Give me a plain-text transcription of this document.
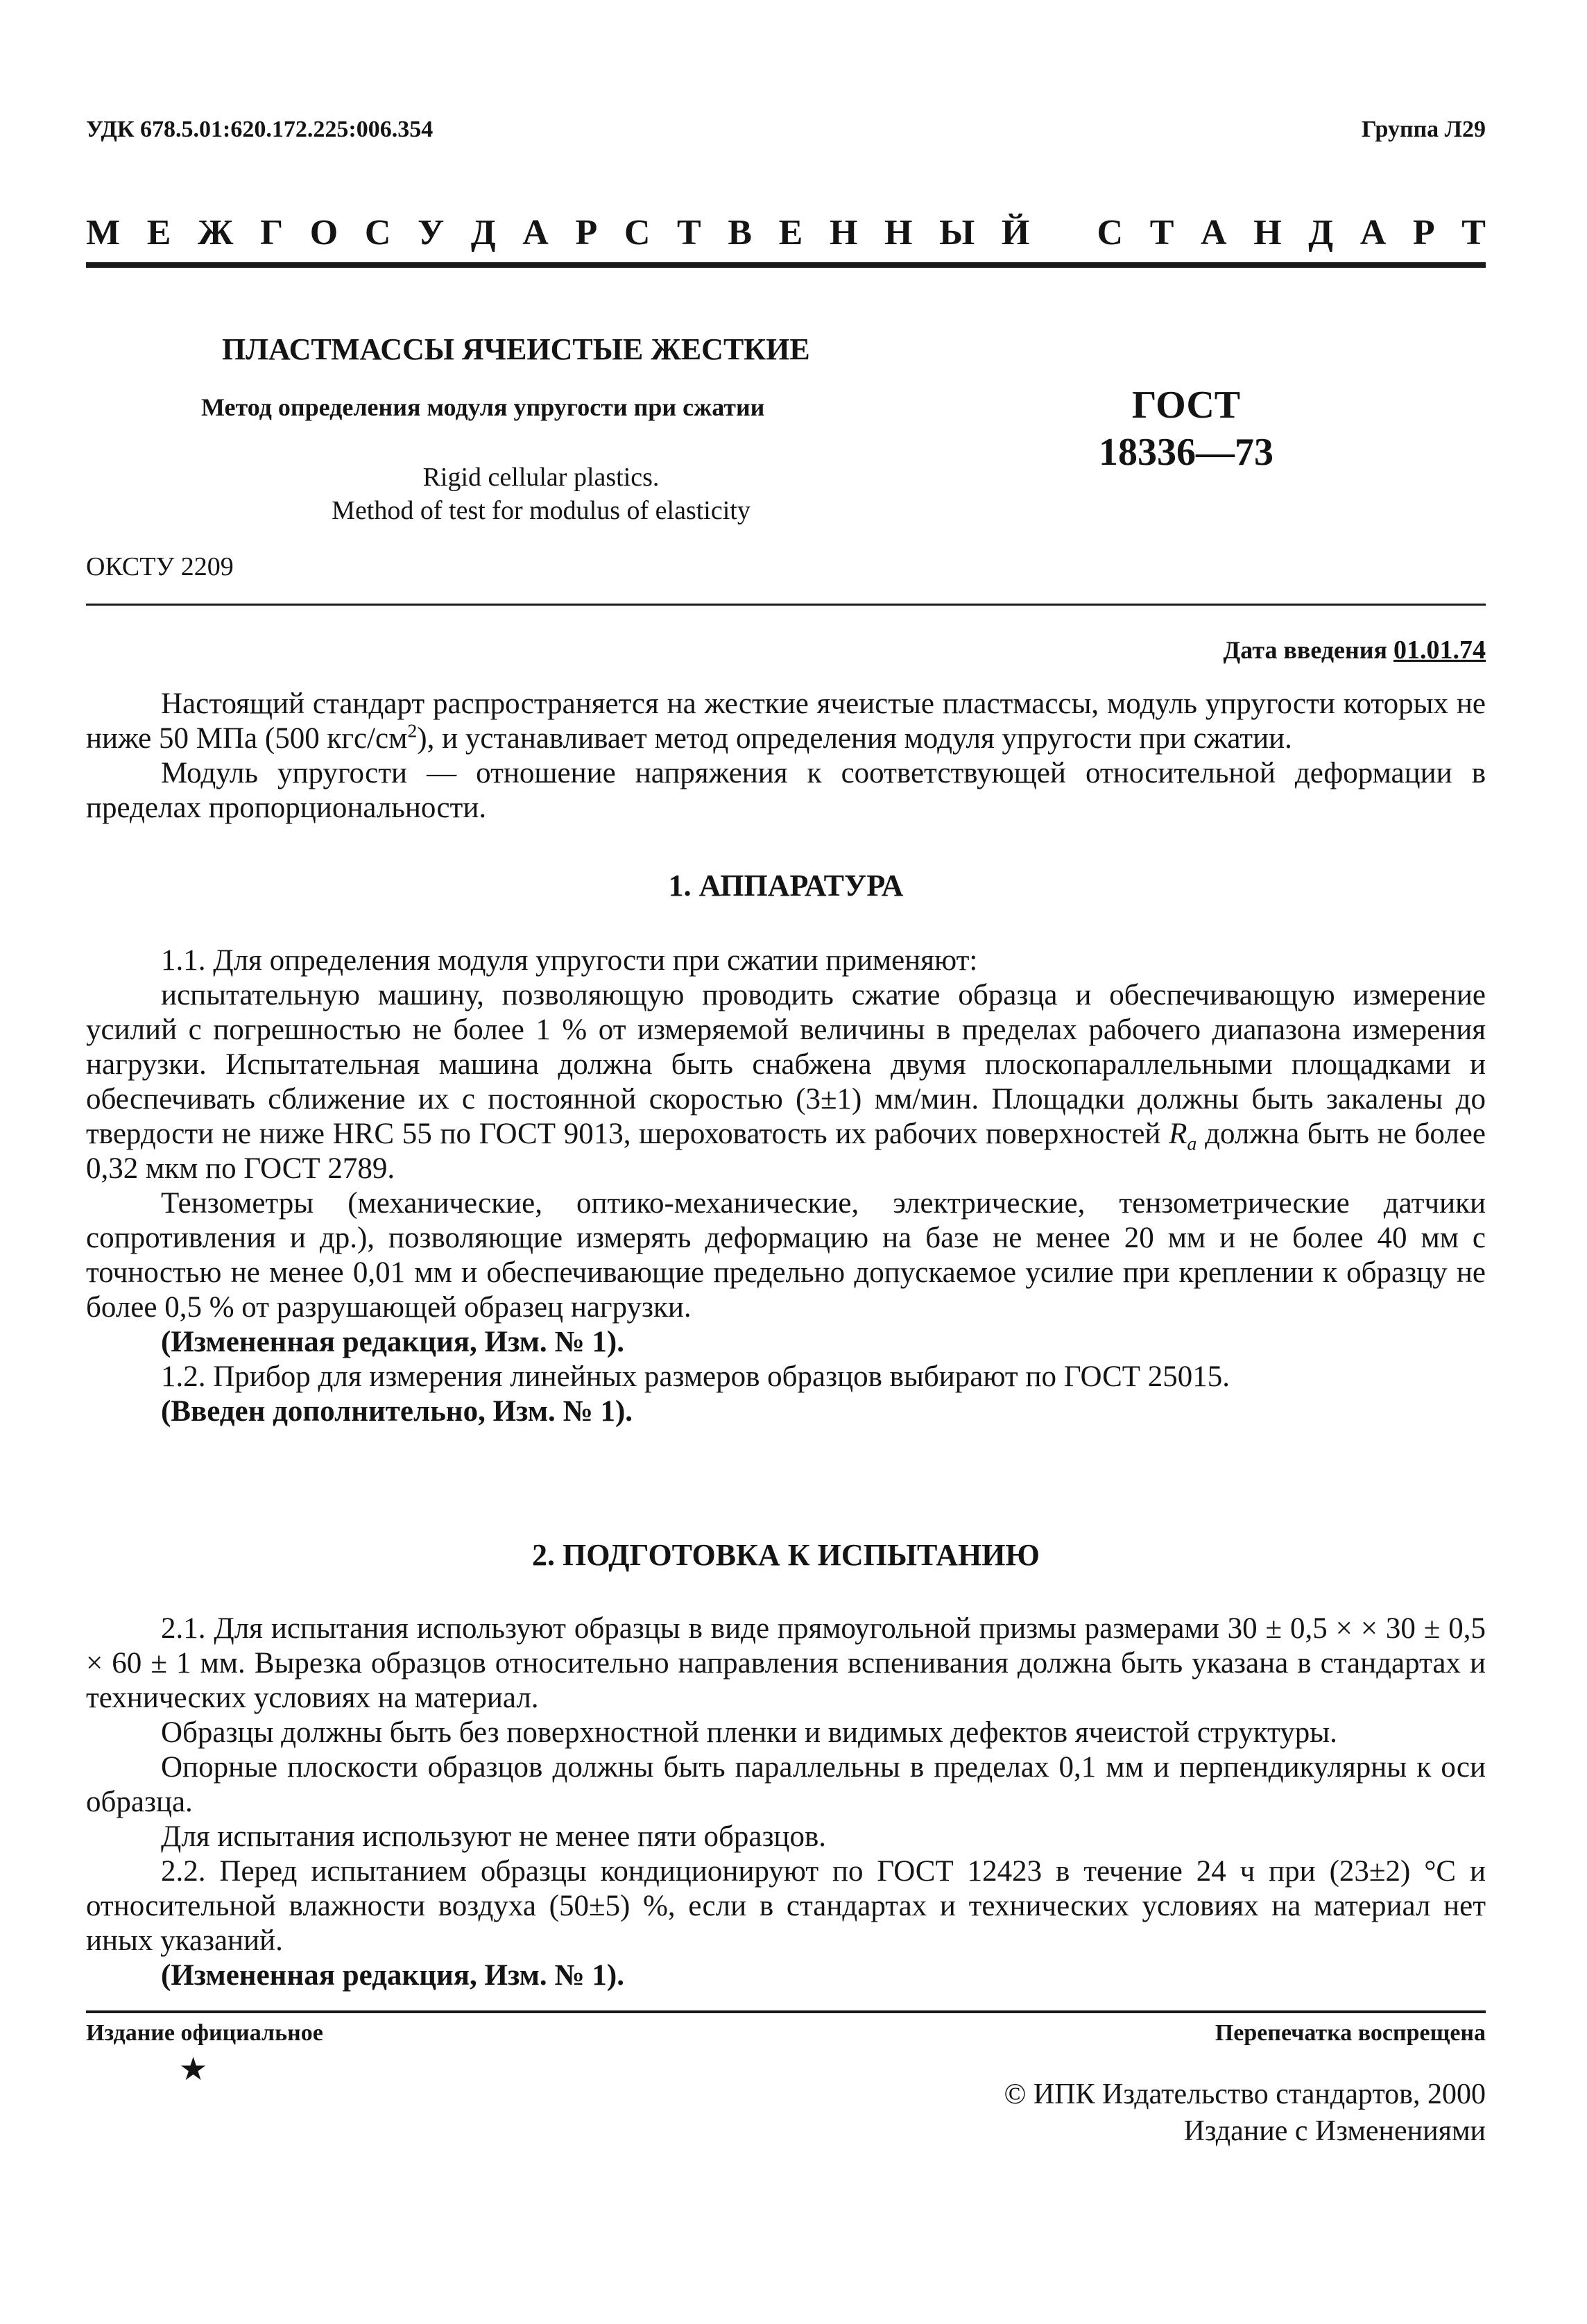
УДК 678.5.01:620.172.225:006.354	Группа Л29
М Е Ж Г О С У Д А Р С Т В Е Н Н Ы Й С Т А Н Д А Р Т
ПЛАСТМАССЫ ЯЧЕИСТЫЕ ЖЕСТКИЕ
Метод определения модуля упругости при сжатии
Rigid cellular plastics.
Method of test for modulus of elasticity
ГОСТ
18336—73
ОКСТУ 2209
Дата введения 01.01.74

Настоящий стандарт распространяется на жесткие ячеистые пластмассы, модуль упругости которых не ниже 50 МПа (500 кгс/$см^2$), и устанавливает метод определения модуля упругости при сжатии.

Модуль упругости — отношение напряжения к соответствующей относительной деформации в пределах пропорциональности.

1. АППАРАТУРА

1.1. Для определения модуля упругости при сжатии применяют:

испытательную машину, позволяющую проводить сжатие образца и обеспечивающую измерение усилий с погрешностью не более 1 % от измеряемой величины в пределах рабочего диапазона измерения нагрузки. Испытательная машина должна быть снабжена двумя плоскопараллельными площадками и обеспечивать сближение их с постоянной скоростью (3±1) мм/мин. Площадки должны быть закалены до твердости не ниже HRC 55 по ГОСТ 9013, шероховатость их рабочих поверхностей $R_a$ должна быть не более 0,32 мкм по ГОСТ 2789.

Тензометры (механические, оптико-механические, электрические, тензометрические датчики сопротивления и др.), позволяющие измерять деформацию на базе не менее 20 мм и не более 40 мм с точностью не менее 0,01 мм и обеспечивающие предельно допускаемое усилие при креплении к образцу не более 0,5 % от разрушающей образец нагрузки.

(Измененная редакция, Изм. № 1).

1.2. Прибор для измерения линейных размеров образцов выбирают по ГОСТ 25015.

(Введен дополнительно, Изм. № 1).

2. ПОДГОТОВКА К ИСПЫТАНИЮ

2.1. Для испытания используют образцы в виде прямоугольной призмы размерами 30 ± 0,5 × × 30 ± 0,5 × 60 ± 1 мм. Вырезка образцов относительно направления вспенивания должна быть указана в стандартах и технических условиях на материал.

Образцы должны быть без поверхностной пленки и видимых дефектов ячеистой структуры.

Опорные плоскости образцов должны быть параллельны в пределах 0,1 мм и перпендикулярны к оси образца.

Для испытания используют не менее пяти образцов.

2.2. Перед испытанием образцы кондиционируют по ГОСТ 12423 в течение 24 ч при (23±2) °С и относительной влажности воздуха (50±5) %, если в стандартах и технических условиях на материал нет иных указаний.

(Измененная редакция, Изм. № 1).

Издание официальное
★
Перепечатка воспрещена
© ИПК Издательство стандартов, 2000
Издание с Изменениями
